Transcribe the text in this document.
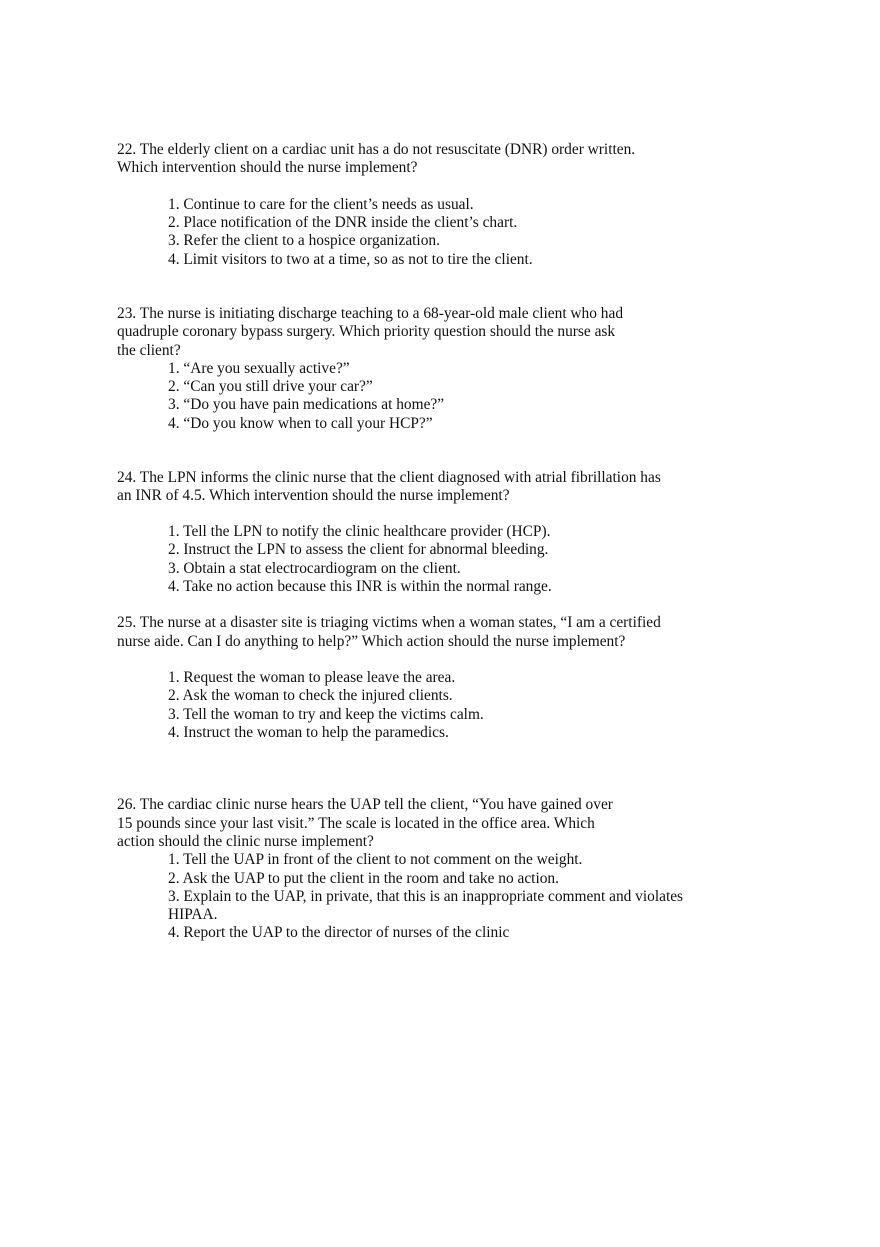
22. The elderly client on a cardiac unit has a do not resuscitate (DNR) order written.

Which intervention should the nurse implement?

1. Continue to care for the client’s needs as usual.

2. Place notification of the DNR inside the client’s chart.

3. Refer the client to a hospice organization.

4. Limit visitors to two at a time, so as not to tire the client.

23. The nurse is initiating discharge teaching to a 68-year-old male client who had

quadruple coronary bypass surgery. Which priority question should the nurse ask

the client?

1. “Are you sexually active?”

2. “Can you still drive your car?”

3. “Do you have pain medications at home?”

4. “Do you know when to call your HCP?”

24. The LPN informs the clinic nurse that the client diagnosed with atrial fibrillation has

an INR of 4.5. Which intervention should the nurse implement?

1. Tell the LPN to notify the clinic healthcare provider (HCP).

2. Instruct the LPN to assess the client for abnormal bleeding.

3. Obtain a stat electrocardiogram on the client.

4. Take no action because this INR is within the normal range.

25. The nurse at a disaster site is triaging victims when a woman states, “I am a certified

nurse aide. Can I do anything to help?” Which action should the nurse implement?

1. Request the woman to please leave the area.

2. Ask the woman to check the injured clients.

3. Tell the woman to try and keep the victims calm.

4. Instruct the woman to help the paramedics.

26. The cardiac clinic nurse hears the UAP tell the client, “You have gained over

15 pounds since your last visit.” The scale is located in the office area. Which

action should the clinic nurse implement?

1. Tell the UAP in front of the client to not comment on the weight.

2. Ask the UAP to put the client in the room and take no action.

3. Explain to the UAP, in private, that this is an inappropriate comment and violates

HIPAA.

4. Report the UAP to the director of nurses of the clinic
